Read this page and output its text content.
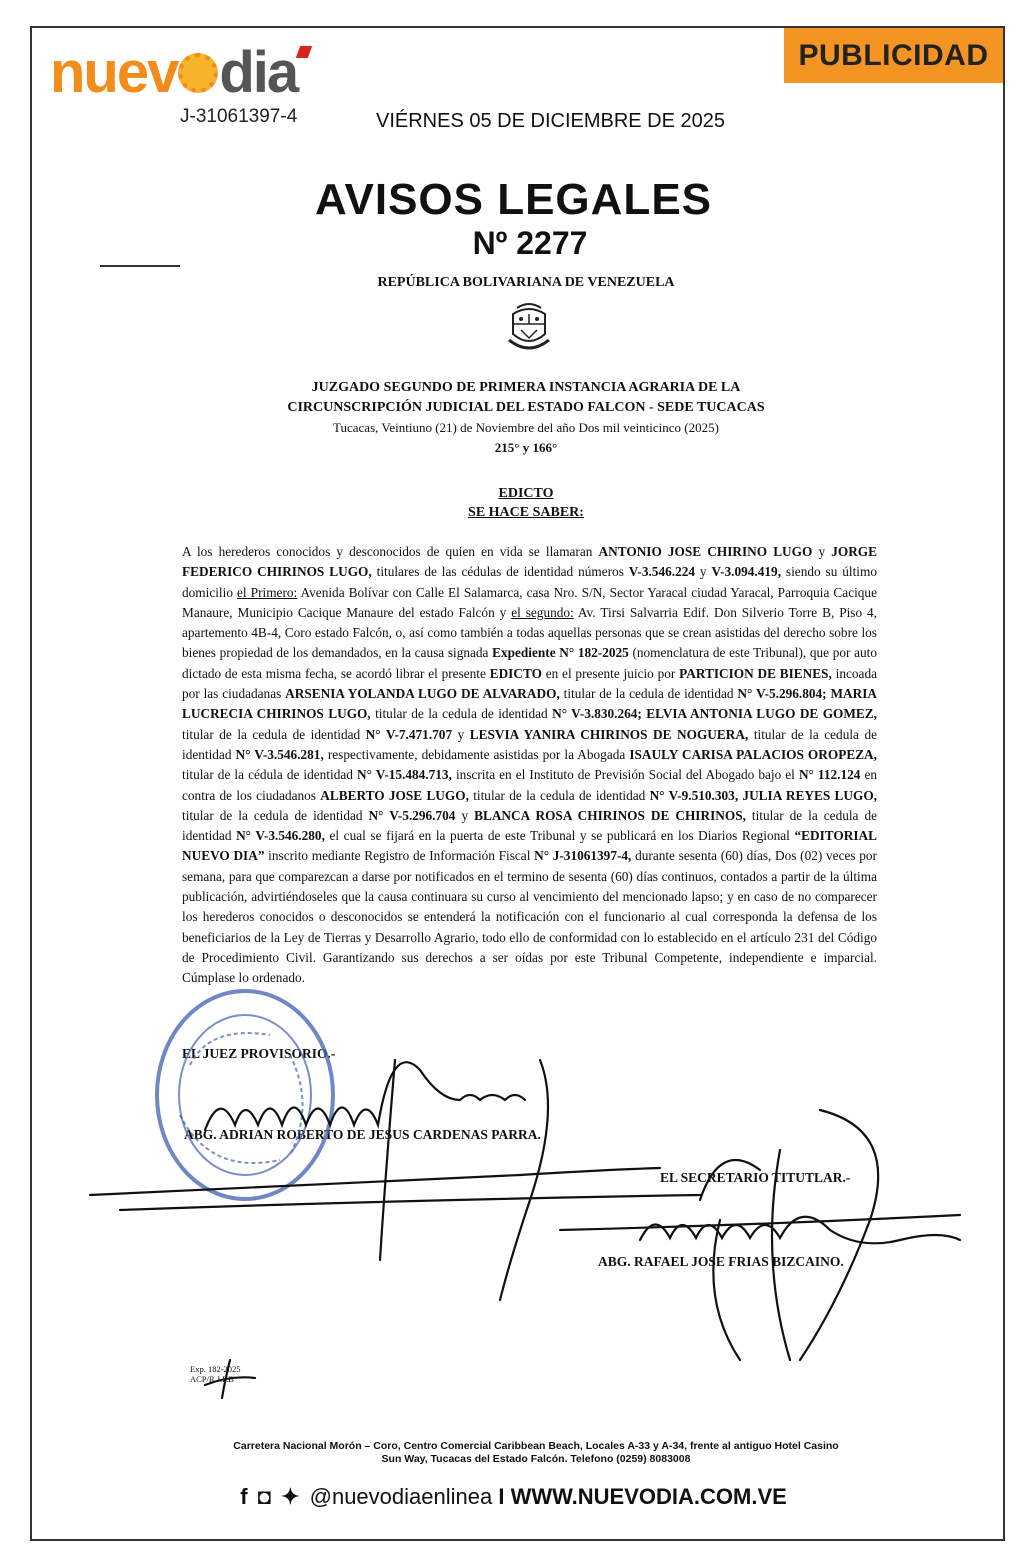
nuev dia
J-31061397-4	VIÉRNES 05 DE DICIEMBRE DE 2025
PUBLICIDAD
AVISOS LEGALES
Nº 2277
REPÚBLICA BOLIVARIANA DE VENEZUELA
JUZGADO SEGUNDO DE PRIMERA INSTANCIA AGRARIA DE LA
CIRCUNSCRIPCIÓN JUDICIAL DEL ESTADO FALCON - SEDE TUCACAS
Tucacas, Veintiuno (21) de Noviembre del año Dos mil veinticinco (2025)
215° y 166°
EDICTO
SE HACE SABER:
A los herederos conocidos y desconocidos de quien en vida se llamaran ANTONIO JOSE CHIRINO LUGO y JORGE FEDERICO CHIRINOS LUGO, titulares de las cédulas de identidad números V-3.546.224 y V-3.094.419, siendo su último domicilio el Primero: Avenida Bolívar con Calle El Salamarca, casa Nro. S/N, Sector Yaracal ciudad Yaracal, Parroquia Cacique Manaure, Municipio Cacique Manaure del estado Falcón y el segundo: Av. Tirsi Salvarria Edif. Don Silverio Torre B, Piso 4, apartemento 4B-4, Coro estado Falcón, o, así como también a todas aquellas personas que se crean asistidas del derecho sobre los bienes propiedad de los demandados, en la causa signada Expediente N° 182-2025 (nomenclatura de este Tribunal), que por auto dictado de esta misma fecha, se acordó librar el presente EDICTO en el presente juicio por PARTICION DE BIENES, incoada por las ciudadanas ARSENIA YOLANDA LUGO DE ALVARADO, titular de la cedula de identidad N° V-5.296.804; MARIA LUCRECIA CHIRINOS LUGO, titular de la cedula de identidad N° V-3.830.264; ELVIA ANTONIA LUGO DE GOMEZ, titular de la cedula de identidad N° V-7.471.707 y LESVIA YANIRA CHIRINOS DE NOGUERA, titular de la cedula de identidad N° V-3.546.281, respectivamente, debidamente asistidas por la Abogada ISAULY CARISA PALACIOS OROPEZA, titular de la cédula de identidad N° V-15.484.713, inscrita en el Instituto de Previsión Social del Abogado bajo el N° 112.124 en contra de los ciudadanos ALBERTO JOSE LUGO, titular de la cedula de identidad N° V-9.510.303, JULIA REYES LUGO, titular de la cedula de identidad N° V-5.296.704 y BLANCA ROSA CHIRINOS DE CHIRINOS, titular de la cedula de identidad N° V-3.546.280, el cual se fijará en la puerta de este Tribunal y se publicará en los Diarios Regional “EDITORIAL NUEVO DIA” inscrito mediante Registro de Información Fiscal N° J-31061397-4, durante sesenta (60) días, Dos (02) veces por semana, para que comparezcan a darse por notificados en el termino de sesenta (60) días continuos, contados a partir de la última publicación, advirtiéndoseles que la causa continuara su curso al vencimiento del mencionado lapso; y en caso de no comparecer los herederos conocidos o desconocidos se entenderá la notificación con el funcionario al cual corresponda la defensa de los beneficiarios de la Ley de Tierras y Desarrollo Agrario, todo ello de conformidad con lo establecido en el artículo 231 del Código de Procedimiento Civil. Garantizando sus derechos a ser oídas por este Tribunal Competente, independiente e imparcial. Cúmplase lo ordenado.
EL JUEZ PROVISORIO.-
ABG. ADRIAN ROBERTO DE JESUS CARDENAS PARRA.
EL SECRETARIO TITUTLAR.-
ABG. RAFAEL JOSE FRIAS BIZCAINO.
Exp. 182-2025
ACP/R.J.F.B
Carretera Nacional Morón – Coro, Centro Comercial Caribbean Beach, Locales A-33 y A-34, frente al antiguo Hotel Casino
Sun Way, Tucacas del Estado Falcón. Telefono (0259) 8083008
f ◘ ✦ @nuevodiaenlinea I WWW.NUEVODIA.COM.VE
